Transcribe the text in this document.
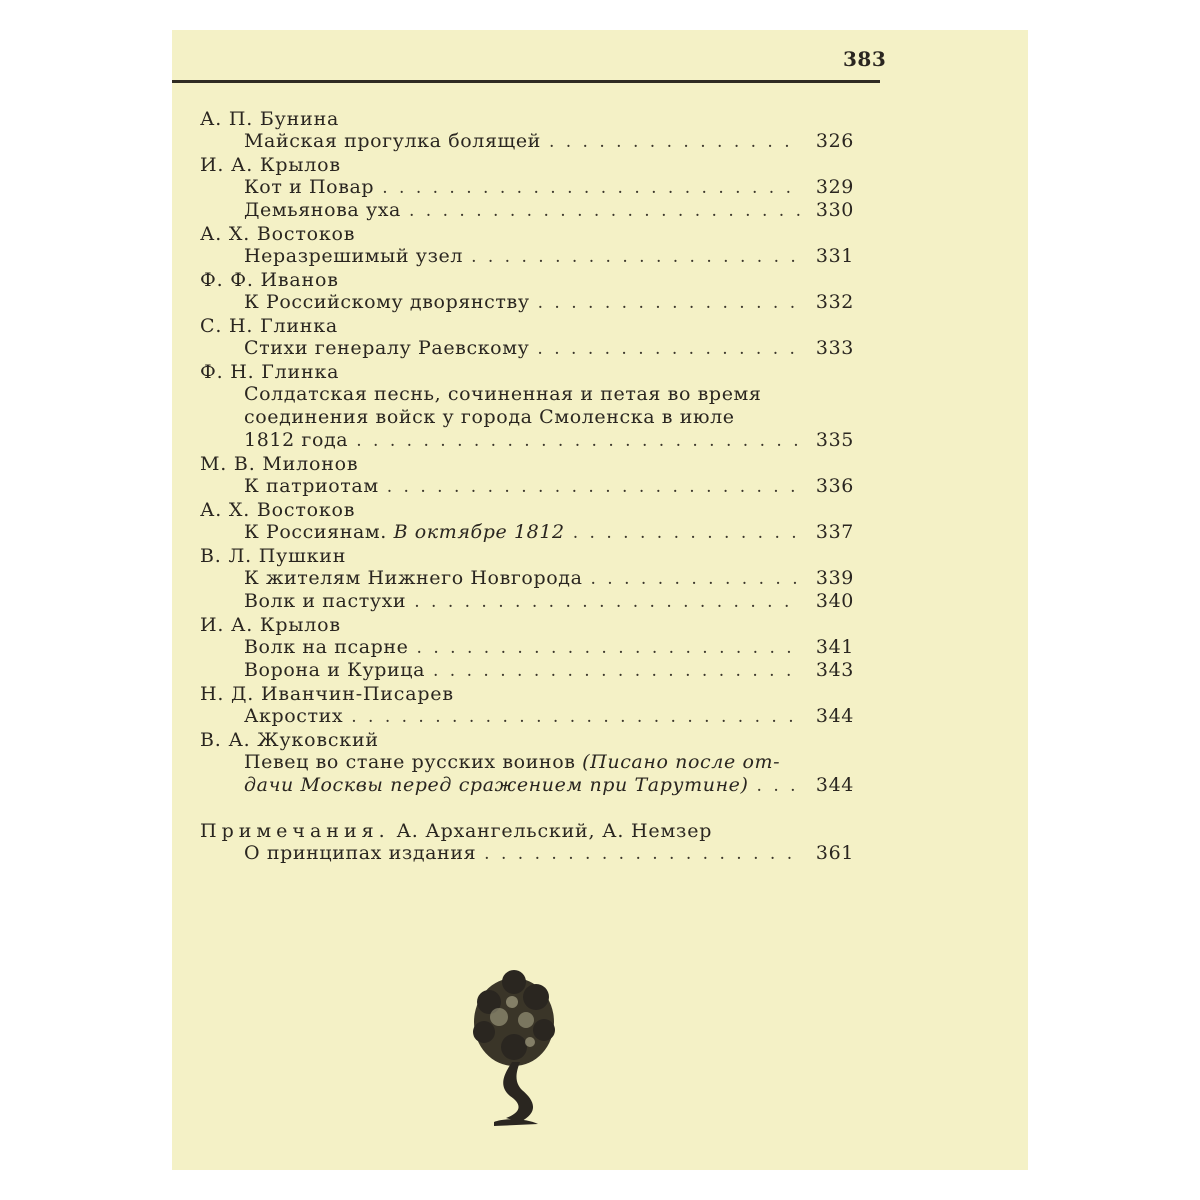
383
А. П. Бунина
Майская прогулка болящей . . .	326
И. А. Крылов
Кот и Повар . . .	329
Демьянова уха . . .	330
А. Х. Востоков
Неразрешимый узел . . .	331
Ф. Ф. Иванов
К Российскому дворянству . . .	332
С. Н. Глинка
Стихи генералу Раевскому . . .	333
Ф. Н. Глинка
Солдатская песнь, сочиненная и петая во время
соединения войск у города Смоленска в июле
1812 года . . .	335
М. В. Милонов
К патриотам . . .	336
А. Х. Востоков
К Россиянам. В октябре 1812 . . .	337
В. Л. Пушкин
К жителям Нижнего Новгорода . . .	339
Волк и пастухи . . .	340
И. А. Крылов
Волк на псарне . . .	341
Ворона и Курица . . .	343
Н. Д. Иванчин-Писарев
Акростих . . .	344
В. А. Жуковский
Певец во стане русских воинов (Писано после от-
дачи Москвы перед сражением при Тарутине) . . .	344
Примечания. А. Архангельский, А. Немзер
О принципах издания . . .	361
